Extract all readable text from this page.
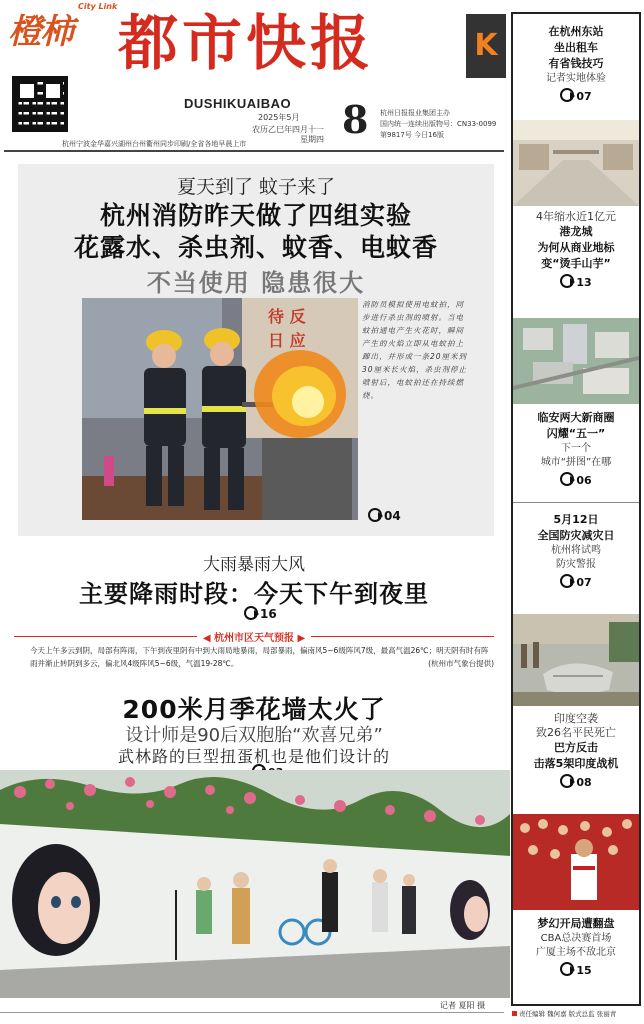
橙柿
City Link
都市快报	K
DUSHIKUAIBAO
2025年5月
农历乙巳年四月十一
星期四 8 杭州日报报业集团主办
国内统一连续出版物号：CN33-0099
第9817号 今日16版
杭州宁波金华嘉兴湖州台州衢州同步印刷/全省各地早晨上市
夏天到了 蚊子来了
杭州消防昨天做了四组实验
花露水、杀虫剂、蚊香、电蚊香
不当使用 隐患很大
待 反
日 应
消防员模拟使用电蚊拍，同步进行杀虫剂的喷射。当电蚊拍通电产生火花时，瞬间产生的火焰立即从电蚊拍上蹿出，并形成一条20厘米到30厘米长火焰，杀虫剂停止喷射后，电蚊拍还在持续燃烧。
04
大雨暴雨大风
主要降雨时段：今天下午到夜里
16
◀ 杭州市区天气预报 ▶
今天上午多云到阴，局部有阵雨，下午到夜里阴有中到大雨局地暴雨，局部暴雨，偏南风5~6级阵风7级，最高气温26℃；明天阴有时有阵雨并渐止转阴到多云，偏北风4级阵风5~6级，气温19-28℃。	(杭州市气象台提供)
200米月季花墙太火了
设计师是90后双胞胎“欢喜兄弟”
武林路的巨型扭蛋机也是他们设计的
记者 夏阳 摄
在杭州东站
坐出租车
有省钱技巧
记者实地体验
07
4年缩水近1亿元
港龙城
为何从商业地标
变“烫手山芋”
13
临安两大新商圈
闪耀“五一”
下一个
城市“拼图”在哪
06
5月12日
全国防灾减灾日
杭州将试鸣
防灾警报
07
印度空袭
致26名平民死亡
巴方反击
击落5架印度战机
08
梦幻开局遭翻盘
CBA总决赛首场
广厦主场不敌北京
15
责任编辑 魏何嘉 版式总监 张丽青
